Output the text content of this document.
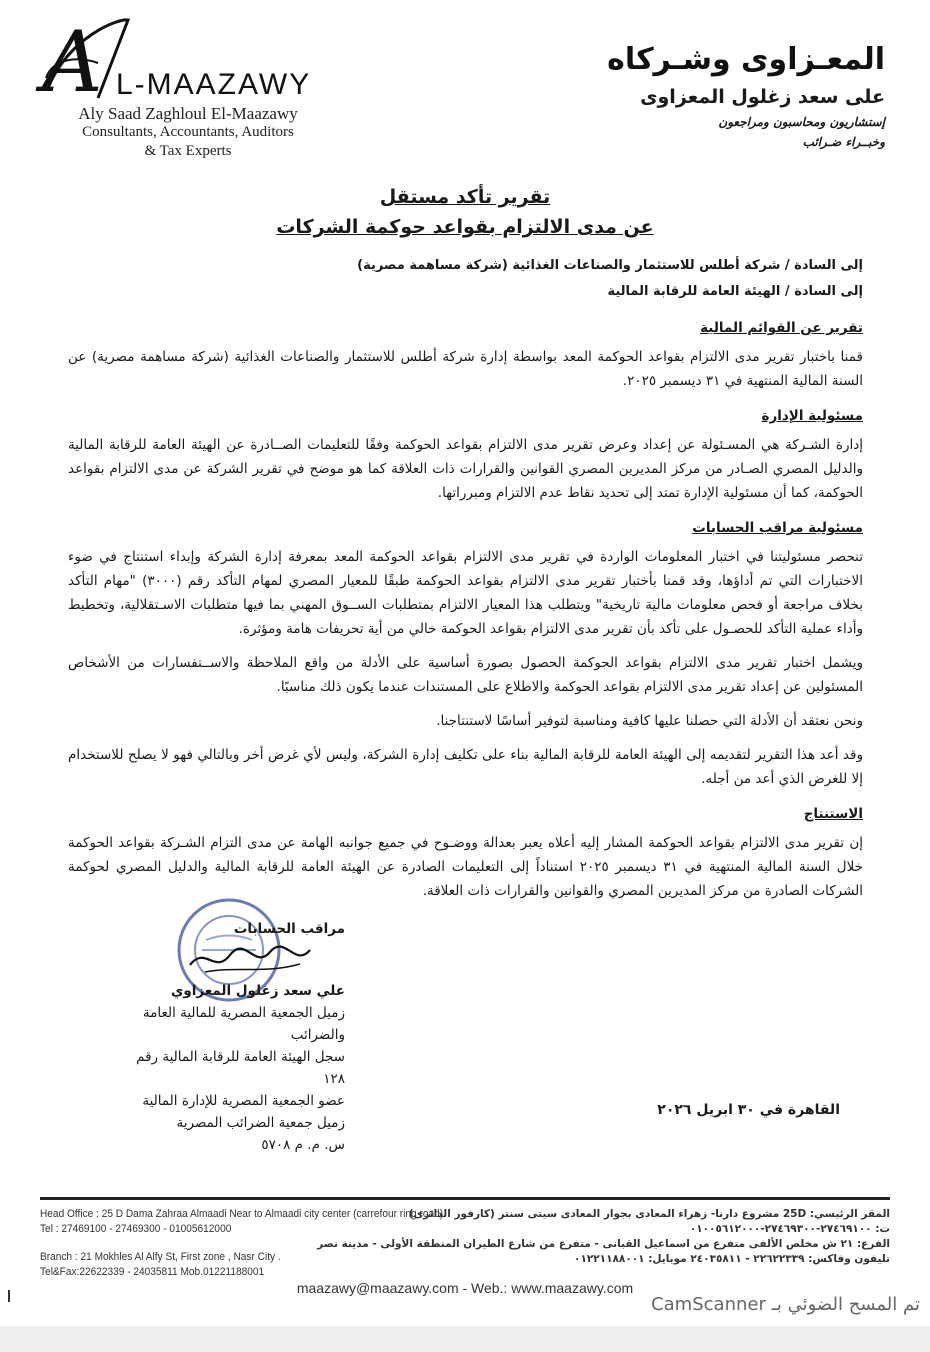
A L-MAAZAWY
Aly Saad Zaghloul El-Maazawy
Consultants, Accountants, Auditors
& Tax Experts
المعـزاوى وشـركاه
على سعد زغلول المعزاوى
إستشاريون ومحاسبون ومراجعون
وخبــراء ضـرائب
تقرير تأكد مستقل
عن مدى الالتزام بقواعد حوكمة الشركات
إلى السادة / شركة أطلس للاستثمار والصناعات الغذائية (شركة مساهمة مصرية)
إلى السادة / الهيئة العامة للرقابة المالية
تقرير عن القوائم المالية
قمنا باختبار تقرير مدى الالتزام بقواعد الحوكمة المعد بواسطة إدارة شركة أطلس للاستثمار والصناعات الغذائية (شركة مساهمة مصرية) عن السنة المالية المنتهية في ٣١ ديسمبر ٢٠٢٥.
مسئولية الإدارة
إدارة الشـركة هي المسـئولة عن إعداد وعرض تقرير مدى الالتزام بقواعد الحوكمة وفقًا للتعليمات الصــادرة عن الهيئة العامة للرقابة المالية والدليل المصري الصـادر من مركز المديرين المصري القوانين والقرارات ذات العلاقة كما هو موضح في تقرير الشركة عن مدى الالتزام بقواعد الحوكمة، كما أن مسئولية الإدارة تمتد إلى تحديد نقاط عدم الالتزام ومبرراتها.
مسئولية مراقب الحسابات
تنحصر مسئوليتنا في اختبار المعلومات الواردة في تقرير مدى الالتزام بقواعد الحوكمة المعد بمعرفة إدارة الشركة وإبداء استنتاج في ضوء الاختبارات التي تم أداؤها، وقد قمنا بأختبار تقرير مدى الالتزام بقواعد الحوكمة طبقًا للمعيار المصري لمهام التأكد رقم (٣٠٠٠) "مهام التأكد بخلاف مراجعة أو فحص معلومات مالية تاريخية" ويتطلب هذا المعيار الالتزام بمتطلبات الســوق المهني بما فيها متطلبات الاسـتقلالية، وتخطيط وأداء عملية التأكد للحصـول على تأكد بأن تقرير مدى الالتزام بقواعد الحوكمة خالي من أية تحريفات هامة ومؤثرة.
ويشمل اختبار تقرير مدى الالتزام بقواعد الحوكمة الحصول بصورة أساسية على الأدلة من واقع الملاحظة والاســتفسارات من الأشخاص المسئولين عن إعداد تقرير مدى الالتزام بقواعد الحوكمة والاطلاع على المستندات عندما يكون ذلك مناسبًا.
ونحن نعتقد أن الأدلة التي حصلنا عليها كافية ومناسبة لتوفير أساسًا لاستنتاجنا.
وقد أعد هذا التقرير لتقديمه إلى الهيئة العامة للرقابة المالية بناء على تكليف إدارة الشركة، وليس لأي غرض أخر وبالتالي فهو لا يصلح للاستخدام إلا للغرض الذي أعد من أجله.
الاستنتاج
إن تقرير مدى الالتزام بقواعد الحوكمة المشار إليه أعلاه يعبر بعدالة ووضـوح في جميع جوانبه الهامة عن مدى التزام الشـركة بقواعد الحوكمة خلال السنة المالية المنتهية في ٣١ ديسمبر ٢٠٢٥ استناداً إلى التعليمات الصادرة عن الهيئة العامة للرقابة المالية والدليل المصري لحوكمة الشركات الصادرة من مركز المديرين المصري والقوانين والقرارات ذات العلاقة.
مراقب الحسابات
علي سعد زغلول المعزاوي
زميل الجمعية المصرية للمالية العامة والضرائب
سجل الهيئة العامة للرقابة المالية رقم ١٢٨
عضو الجمعية المصرية للإدارة المالية
زميل جمعية الضرائب المصرية
س. م. م ٥٧٠٨
القاهرة في ٣٠ ابريل ٢٠٢٦
Head Office : 25 D Dama Zahraa Almaadi Near to Almaadi city center (carrefour ring road)
Tel : 27469100 - 27469300 - 01005612000
Branch : 21 Mokhles Al Alfy St, First zone , Nasr City .
Tel&Fax:22622339 - 24035811 Mob.01221188001
المقر الرئيسي: 25D مشروع دارنا- زهراء المعادى بجوار المعادى سيتى سنتر (كارفور الدائرى)
ت: ٢٧٤٦٩١٠٠-٢٧٤٦٩٣٠٠-٠١٠٠٥٦١٢٠٠٠
الفرع: ٢١ ش مخلص الألفى متفرع من اسماعيل القبانى - متفرع من شارع الطيران المنطقة الأولى - مدينة نصر
تليفون وفاكس: ٢٢٦٢٢٣٣٩ - ٢٤٠٣٥٨١١ موبايل: ٠١٢٢١١٨٨٠٠١
maazawy@maazawy.com - Web.: www.maazawy.com
تم المسح الضوئي بـ CamScanner
